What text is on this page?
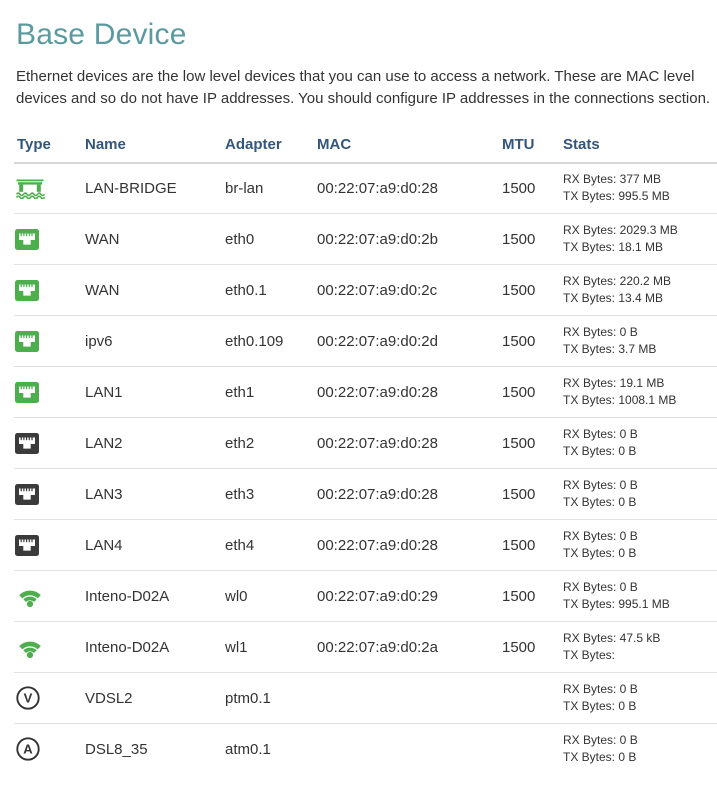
Base Device

Ethernet devices are the low level devices that you can use to access a network. These are MAC level devices and so do not have IP addresses. You should configure IP addresses in the connections section.

Type	Name	Adapter	MAC	MTU	Stats
	LAN-BRIDGE	br-lan	00:22:07:a9:d0:28	1500	RX Bytes: 377 MB
TX Bytes: 995.5 MB

	WAN	eth0	00:22:07:a9:d0:2b	1500	RX Bytes: 2029.3 MB
TX Bytes: 18.1 MB

	WAN	eth0.1	00:22:07:a9:d0:2c	1500	RX Bytes: 220.2 MB
TX Bytes: 13.4 MB

	ipv6	eth0.109	00:22:07:a9:d0:2d	1500	RX Bytes: 0 B
TX Bytes: 3.7 MB

	LAN1	eth1	00:22:07:a9:d0:28	1500	RX Bytes: 19.1 MB
TX Bytes: 1008.1 MB

	LAN2	eth2	00:22:07:a9:d0:28	1500	RX Bytes: 0 B
TX Bytes: 0 B

	LAN3	eth3	00:22:07:a9:d0:28	1500	RX Bytes: 0 B
TX Bytes: 0 B

	LAN4	eth4	00:22:07:a9:d0:28	1500	RX Bytes: 0 B
TX Bytes: 0 B

	Inteno-D02A	wl0	00:22:07:a9:d0:29	1500	RX Bytes: 0 B
TX Bytes: 995.1 MB

	Inteno-D02A	wl1	00:22:07:a9:d0:2a	1500	RX Bytes: 47.5 kB
TX Bytes:

V	VDSL2	ptm0.1			RX Bytes: 0 B
TX Bytes: 0 B

A	DSL8_35	atm0.1			RX Bytes: 0 B
TX Bytes: 0 B
